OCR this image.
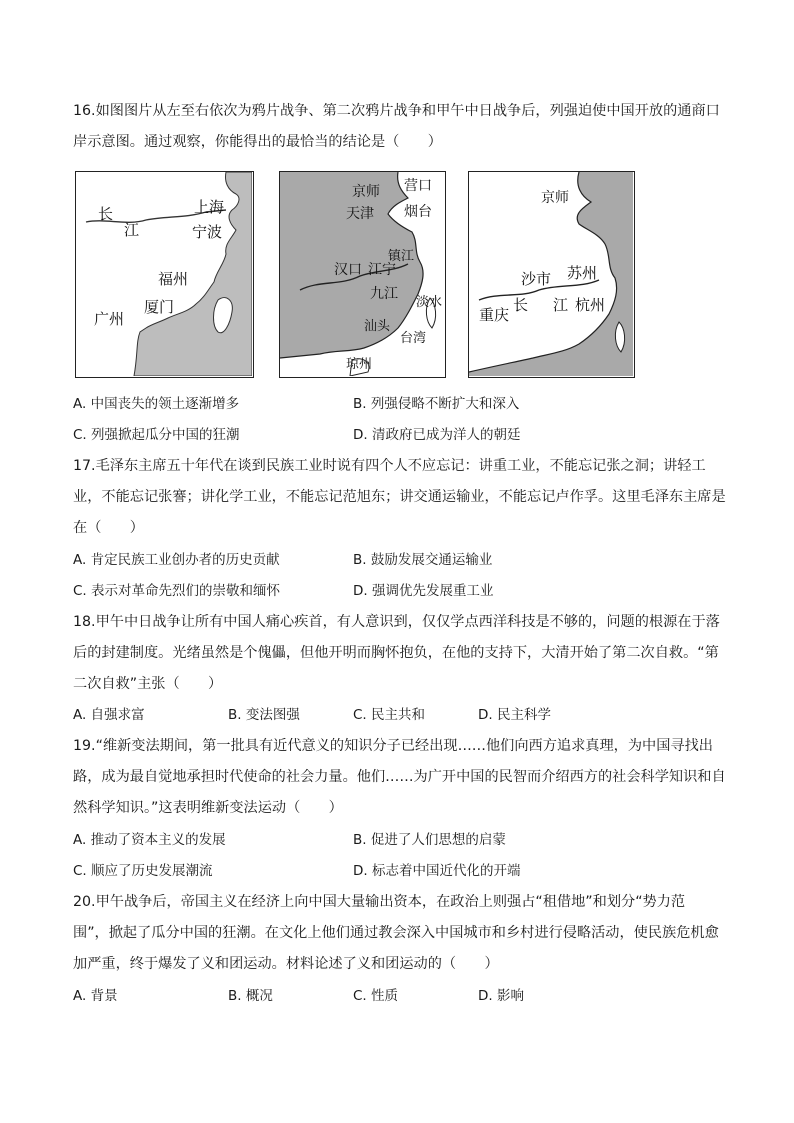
16.如图图片从左至右依次为鸦片战争、第二次鸦片战争和甲午中日战争后，列强迫使中国开放的通商口
岸示意图。通过观察，你能得出的最恰当的结论是（　　）
长
江
上海
宁波
福州
厦门
广州
京师 营口
天津 烟台
镇江
汉口 江宁
九江
淡水
汕头
台湾
琼州
京师
苏州
沙市
长 江 杭州
重庆
A. 中国丧失的领土逐渐增多	B. 列强侵略不断扩大和深入
C. 列强掀起瓜分中国的狂潮	D. 清政府已成为洋人的朝廷
17.毛泽东主席五十年代在谈到民族工业时说有四个人不应忘记：讲重工业，不能忘记张之洞；讲轻工
业，不能忘记张謇；讲化学工业，不能忘记范旭东；讲交通运输业，不能忘记卢作孚。这里毛泽东主席是
在（　　）
A. 肯定民族工业创办者的历史贡献	B. 鼓励发展交通运输业
C. 表示对革命先烈们的崇敬和缅怀	D. 强调优先发展重工业
18.甲午中日战争让所有中国人痛心疾首，有人意识到，仅仅学点西洋科技是不够的，问题的根源在于落
后的封建制度。光绪虽然是个傀儡，但他开明而胸怀抱负，在他的支持下，大清开始了第二次自救。“第
二次自救”主张（　　）
A. 自强求富	B. 变法图强	C. 民主共和	D. 民主科学
19.“维新变法期间，第一批具有近代意义的知识分子已经出现……他们向西方追求真理，为中国寻找出
路，成为最自觉地承担时代使命的社会力量。他们……为广开中国的民智而介绍西方的社会科学知识和自
然科学知识。”这表明维新变法运动（　　）
A. 推动了资本主义的发展	B. 促进了人们思想的启蒙
C. 顺应了历史发展潮流	D. 标志着中国近代化的开端
20.甲午战争后，帝国主义在经济上向中国大量输出资本，在政治上则强占“租借地”和划分“势力范
围”，掀起了瓜分中国的狂潮。在文化上他们通过教会深入中国城市和乡村进行侵略活动，使民族危机愈
加严重，终于爆发了义和团运动。材料论述了义和团运动的（　　）
A. 背景	B. 概况	C. 性质	D. 影响
